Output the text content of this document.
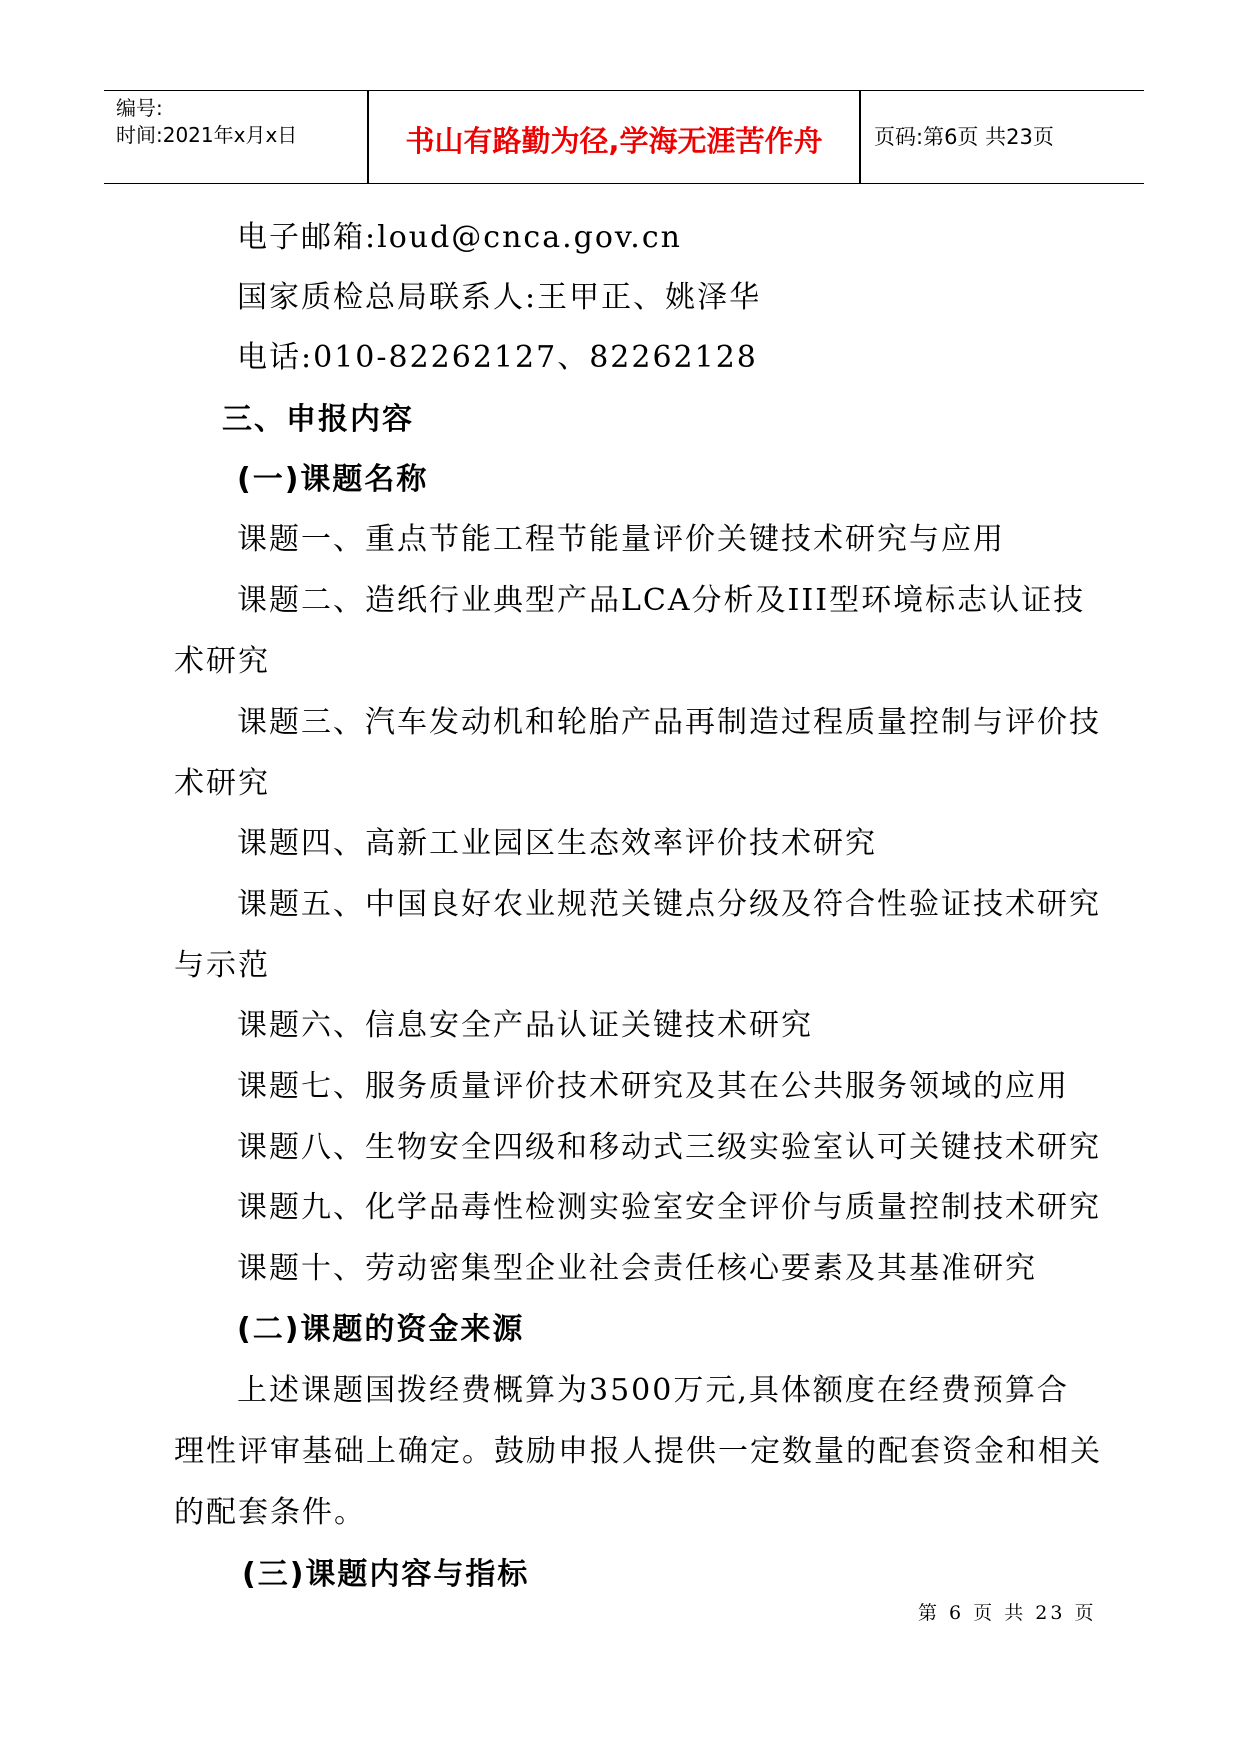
编号:
时间:2021年x月x日	书山有路勤为径,学海无涯苦作舟	页码:第6页 共23页
电子邮箱:loud@cnca.gov.cn
国家质检总局联系人:王甲正、姚泽华
电话:010-82262127、82262128
三、申报内容
(一)课题名称
课题一、重点节能工程节能量评价关键技术研究与应用
课题二、造纸行业典型产品LCA分析及III型环境标志认证技
术研究
课题三、汽车发动机和轮胎产品再制造过程质量控制与评价技
术研究
课题四、高新工业园区生态效率评价技术研究
课题五、中国良好农业规范关键点分级及符合性验证技术研究
与示范
课题六、信息安全产品认证关键技术研究
课题七、服务质量评价技术研究及其在公共服务领域的应用
课题八、生物安全四级和移动式三级实验室认可关键技术研究
课题九、化学品毒性检测实验室安全评价与质量控制技术研究
课题十、劳动密集型企业社会责任核心要素及其基准研究
(二)课题的资金来源
上述课题国拨经费概算为3500万元,具体额度在经费预算合
理性评审基础上确定。鼓励申报人提供一定数量的配套资金和相关
的配套条件。
(三)课题内容与指标
第 6 页 共 23 页
